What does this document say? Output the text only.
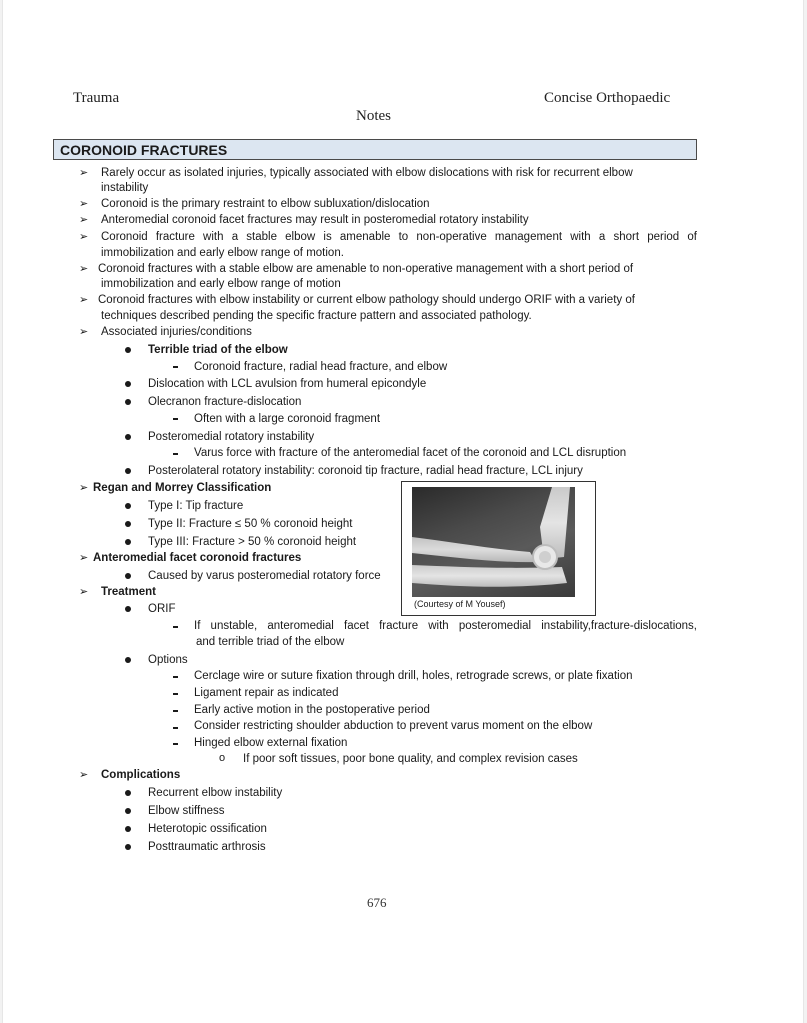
Trauma	Concise Orthopaedic
Notes
CORONOID FRACTURES
➢ Rarely occur as isolated injuries, typically associated with elbow dislocations with risk for recurrent elbow
instability
➢ Coronoid is the primary restraint to elbow subluxation/dislocation
➢ Anteromedial coronoid facet fractures may result in posteromedial rotatory instability
➢ Coronoid fracture with a stable elbow is amenable to non-operative management with a short period of
immobilization and early elbow range of motion.
➢ Coronoid fractures with a stable elbow are amenable to non-operative management with a short period of
immobilization and early elbow range of motion
➢ Coronoid fractures with elbow instability or current elbow pathology should undergo ORIF with a variety of
techniques described pending the specific fracture pattern and associated pathology.
➢ Associated injuries/conditions
Terrible triad of the elbow
Coronoid fracture, radial head fracture, and elbow
Dislocation with LCL avulsion from humeral epicondyle
Olecranon fracture-dislocation
Often with a large coronoid fragment
Posteromedial rotatory instability
Varus force with fracture of the anteromedial facet of the coronoid and LCL disruption
Posterolateral rotatory instability: coronoid tip fracture, radial head fracture, LCL injury
➢ Regan and Morrey Classification
Type I: Tip fracture
Type II: Fracture ≤ 50 % coronoid height
Type III: Fracture > 50 % coronoid height
➢ Anteromedial facet coronoid fractures
Caused by varus posteromedial rotatory force
➢ Treatment
ORIF
If unstable, anteromedial facet fracture with posteromedial instability,fracture-dislocations,
and terrible triad of the elbow
Options
Cerclage wire or suture fixation through drill, holes, retrograde screws, or plate fixation
Ligament repair as indicated
Early active motion in the postoperative period
Consider restricting shoulder abduction to prevent varus moment on the elbow
Hinged elbow external fixation
o If poor soft tissues, poor bone quality, and complex revision cases
➢ Complications
Recurrent elbow instability
Elbow stiffness
Heterotopic ossification
Posttraumatic arthrosis
(Courtesy of M Yousef)
676
